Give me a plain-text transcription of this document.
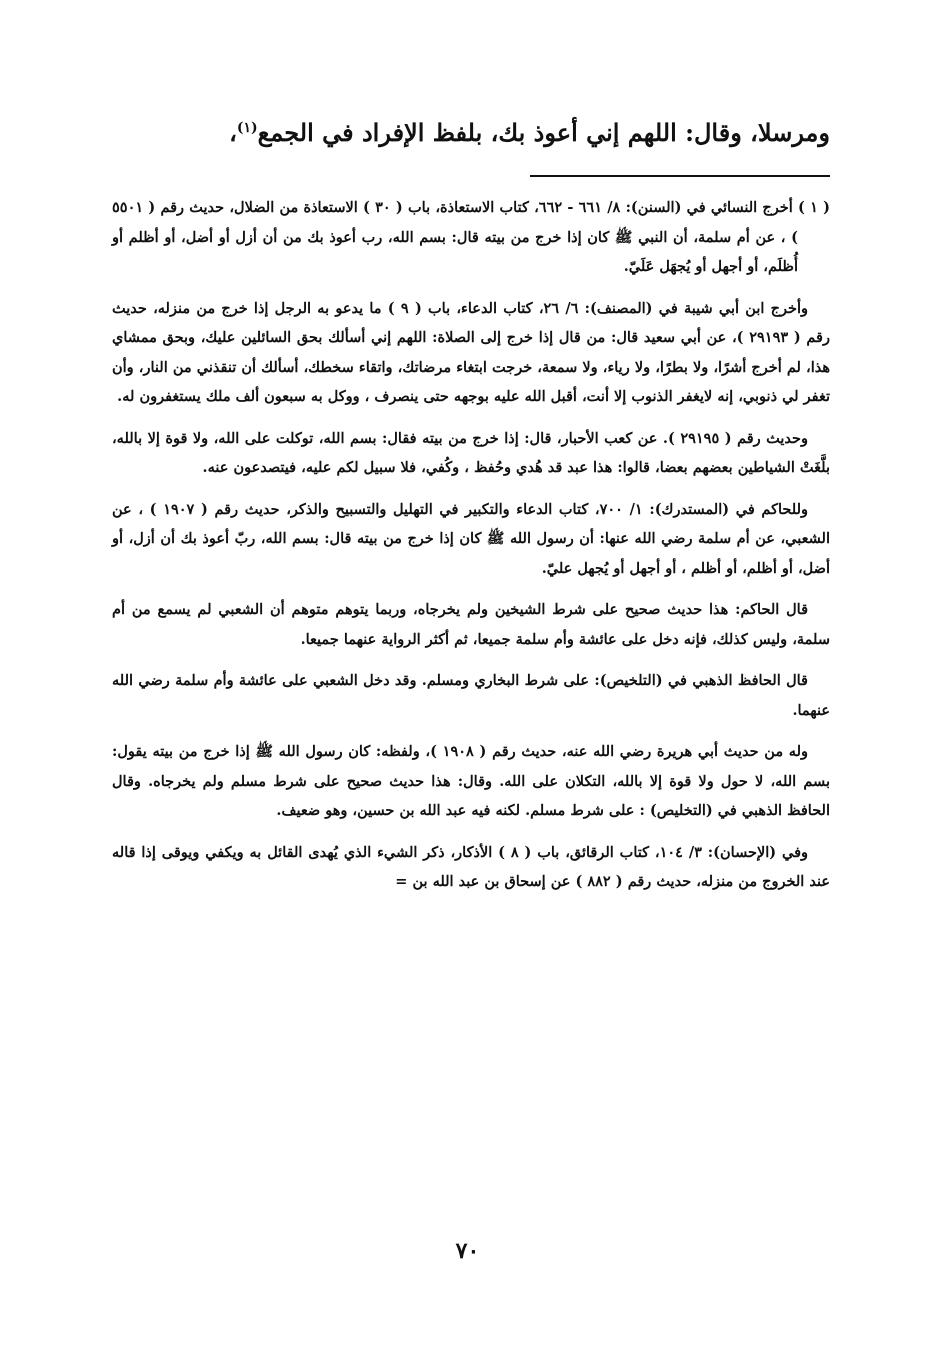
ومرسلا، وقال: اللهم إني أعوذ بك، بلفظ الإفراد في الجمع$^{(١)}$،

( ١ ) أخرج النسائي في (السنن): ٨/ ٦٦١ - ٦٦٢، كتاب الاستعاذة، باب ( ٣٠ ) الاستعاذة من الضلال، حديث رقم ( ٥٥٠١ ) ، عن أم سلمة، أن النبي ﷺ كان إذا خرج من بيته قال: بسم الله، رب أعوذ بك من أن أزل أو أضل، أو أظلم أو أُظلَم، أو أجهل أو يُجهَل عَلَيّ.

وأخرج ابن أبي شيبة في (المصنف): ٦/ ٢٦، كتاب الدعاء، باب ( ٩ ) ما يدعو به الرجل إذا خرج من منزله، حديث رقم ( ٢٩١٩٣ )، عن أبي سعيد قال: من قال إذا خرج إلى الصلاة: اللهم إني أسألك بحق السائلين عليك، وبحق ممشاي هذا، لم أخرج أشرًا، ولا بطرًا، ولا رياء، ولا سمعة، خرجت ابتغاء مرضاتك، واتقاء سخطك، أسألك أن تنقذني من النار، وأن تغفر لي ذنوبي، إنه لايغفر الذنوب إلا أنت، أقبل الله عليه بوجهه حتى ينصرف ، ووكل به سبعون ألف ملك يستغفرون له.

وحديث رقم ( ٢٩١٩٥ ). عن كعب الأحبار، قال: إذا خرج من بيته فقال: بسم الله، توكلت على الله، ولا قوة إلا بالله، بلَّغَتْ الشياطين بعضهم بعضا، قالوا: هذا عبد قد هُدي وحُفظ ، وكُفي، فلا سبيل لكم عليه، فيتصدعون عنه.

وللحاكم في (المستدرك): ١/ ٧٠٠، كتاب الدعاء والتكبير في التهليل والتسبيح والذكر، حديث رقم ( ١٩٠٧ ) ، عن الشعبي، عن أم سلمة رضي الله عنها: أن رسول الله ﷺ كان إذا خرج من بيته قال: بسم الله، ربّ أعوذ بك أن أزل، أو أضل، أو أظلم، أو أظلم ، أو أجهل أو يُجهل عليّ.

قال الحاكم: هذا حديث صحيح على شرط الشيخين ولم يخرجاه، وربما يتوهم متوهم أن الشعبي لم يسمع من أم سلمة، وليس كذلك، فإنه دخل على عائشة وأم سلمة جميعا، ثم أكثر الرواية عنهما جميعا.

قال الحافظ الذهبي في (التلخيص): على شرط البخاري ومسلم. وقد دخل الشعبي على عائشة وأم سلمة رضي الله عنهما.

وله من حديث أبي هريرة رضي الله عنه، حديث رقم ( ١٩٠٨ )، ولفظه: كان رسول الله ﷺ إذا خرج من بيته يقول: بسم الله، لا حول ولا قوة إلا بالله، التكلان على الله. وقال: هذا حديث صحيح على شرط مسلم ولم يخرجاه. وقال الحافظ الذهبي في (التخليص) : على شرط مسلم. لكنه فيه عبد الله بن حسين، وهو ضعيف.

وفي (الإحسان): ٣/ ١٠٤، كتاب الرقائق، باب ( ٨ ) الأذكار، ذكر الشيء الذي يُهدى القائل به ويكفي ويوقى إذا قاله عند الخروج من منزله، حديث رقم ( ٨٨٢ ) عن إسحاق بن عبد الله بن =

٧٠
